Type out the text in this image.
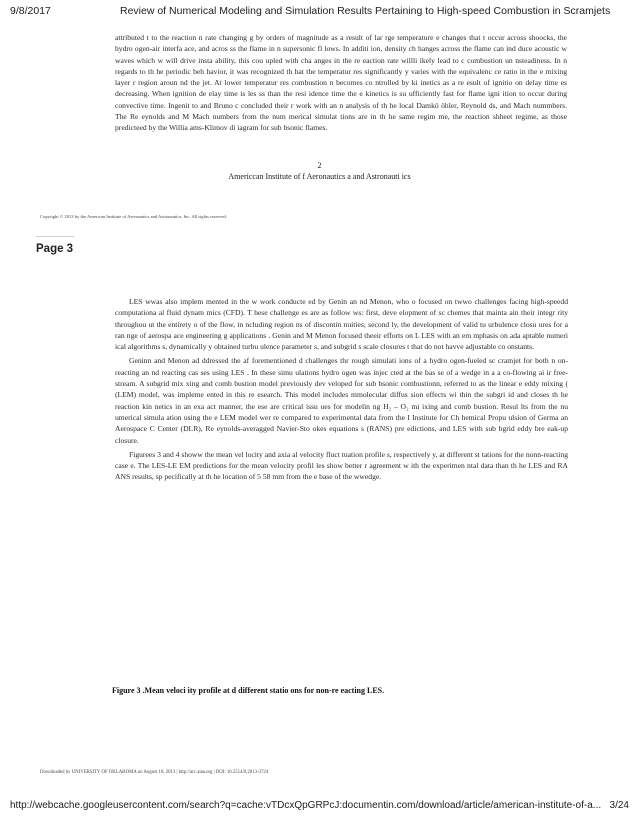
9/8/2017	Review of Numerical Modeling and Simulation Results Pertaining to High-speed Combustion in Scramjets
attributed t to the reaction n rate changing g by orders of magnitude as a result of lar rge temperature e changes that t occur across shoocks, the hydro ogen-air interfa ace, and acros ss the flame in n supersonic fl lows. In additi ion, density ch hanges across the flame can ind duce acoustic w waves which w will drive insta ability, this cou upled with cha anges in the re eaction rate willli ikely lead to c combustion un nsteadiness. In n regards to th he periodic beh havior, it was recognized th hat the temperatur res significantly y varies with the equivalenc ce ratio in the e mixing layer r region aroun nd the jet. At lower temperatur res combustion n becomes co ntrolled by ki inetics as a re esult of ignitio on delay time es decreasing. When ignition de elay time is les ss than the resi idence time the e kinetics is su ufficiently fast for flame igni ition to occur during convective time. Ingenit to and Bruno c concluded their r work with an n analysis of th he local Damkö öhler, Reynold ds, and Mach nummbers. The Re eynolds and M Mach numbers from the num merical simulat tions are in th he same regim me, the reaction shheet regime, as those predicteed by the Willia ams-Klimov di iagram for sub bsonic flames.
2
Americcan Institute of f Aeronautics a and Astronauti ics
Copyright © 2013 by the American Institute of Aeronautics and Astronautics, Inc. All rights reserved.
Page 3

LES wwas also implem mented in the w work conducte ed by Genin an nd Menon, who o focused on twwo challenges facing high-speedd computationa al fluid dynam mics (CFD). T hese challenge es are as follow ws: first, deve elopment of sc chemes that mainta ain their integr rity throughou ut the entirety o of the flow, in ncluding region ns of discontin nuities; second ly, the development of valid tu urbulence closu ures for a ran nge of aerospa ace engineering g applications . Genin and M Menon focused theeir efforts on L LES with an em mphasis on ada aptable numeri ical algorithms s, dynamically y obtained turbu ulence parameter s, and subgrid s scale closures t that do not havve adjustable co onstants.

Geninn and Menon ad ddressed the af forementioned d challenges thr rough simulati ions of a hydro ogen-fueled sc cramjet for both n on-reacting an nd reacting cas ses using LES . In these simu ulations hydro ogen was injec cted at the bas se of a wedge in a a co-flowing ai ir free-stream. A subgrid mix xing and comb bustion model previously dev veloped for sub bsonic combustionn, referred to as the linear e eddy mixing ( (LEM) model, was impleme ented in this re esearch. This model includes mmolecular diffus sion effects wi thin the subgri id and closes th he reaction kin netics in an exa act manner, the ese are critical issu ues for modelin ng H₂ – O₂ mi ixing and comb bustion. Resul lts from the nu umerical simula ation using the e LEM model wer re compared to experimental data from the I Institute for Ch hemical Propu ulsion of Germa an Aerospace C Center (DLR), Re eynolds-averagged Navier-Sto okes equations s (RANS) pre edictions, and LES with sub bgrid eddy bre eak-up closure.

Figurees 3 and 4 showw the mean vel locity and axia al velocity fluct tuation profile s, respectively y, at different st tations for the nonn-reacting case e. The LES-LE EM predictions for the mean velocity profil les show better r agreement w ith the experimen ntal data than th he LES and RA ANS results, sp pecifically at th he location of 5 58 mm from the e base of the wwedge.

Figure 3 .Mean veloci ity profile at d different statio ons for non-re eacting LES.
Downloaded by UNIVERSITY OF OKLAHOMA on August 18, 2013 | http://arc.aiaa.org | DOI: 10.2514/6.2013-3724
http://webcache.googleusercontent.com/search?q=cache:vTDcxQpGRPcJ:documentin.com/download/article/american-institute-of-a... 3/24
